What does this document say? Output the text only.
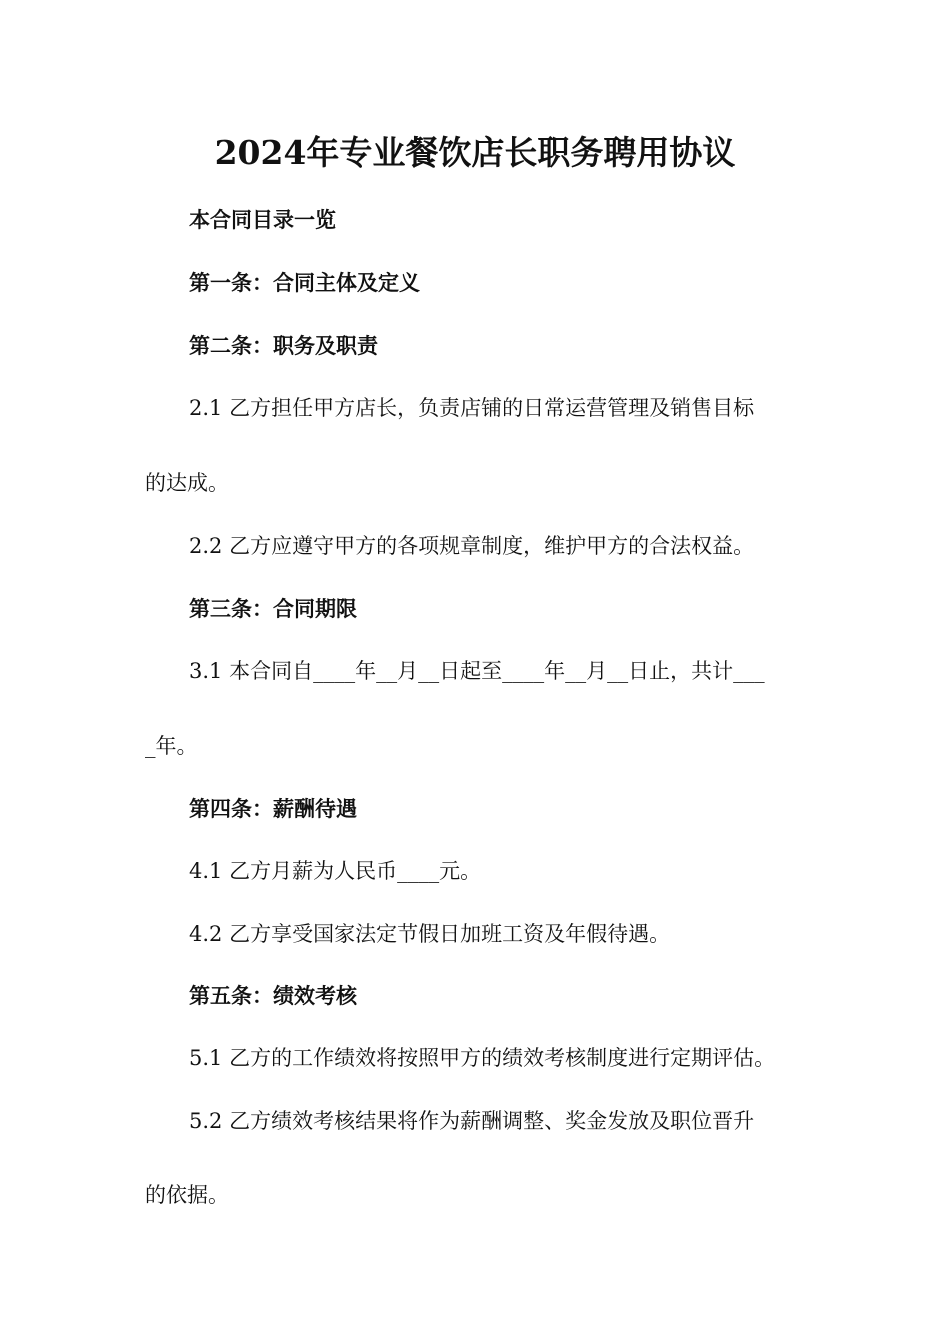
2024年专业餐饮店长职务聘用协议
本合同目录一览
第一条：合同主体及定义
第二条：职务及职责
2.1 乙方担任甲方店长，负责店铺的日常运营管理及销售目标
的达成。
2.2 乙方应遵守甲方的各项规章制度，维护甲方的合法权益。
第三条：合同期限
3.1 本合同自____年__月__日起至____年__月__日止，共计___
_年。
第四条：薪酬待遇
4.1 乙方月薪为人民币____元。
4.2 乙方享受国家法定节假日加班工资及年假待遇。
第五条：绩效考核
5.1 乙方的工作绩效将按照甲方的绩效考核制度进行定期评估。
5.2 乙方绩效考核结果将作为薪酬调整、奖金发放及职位晋升
的依据。
